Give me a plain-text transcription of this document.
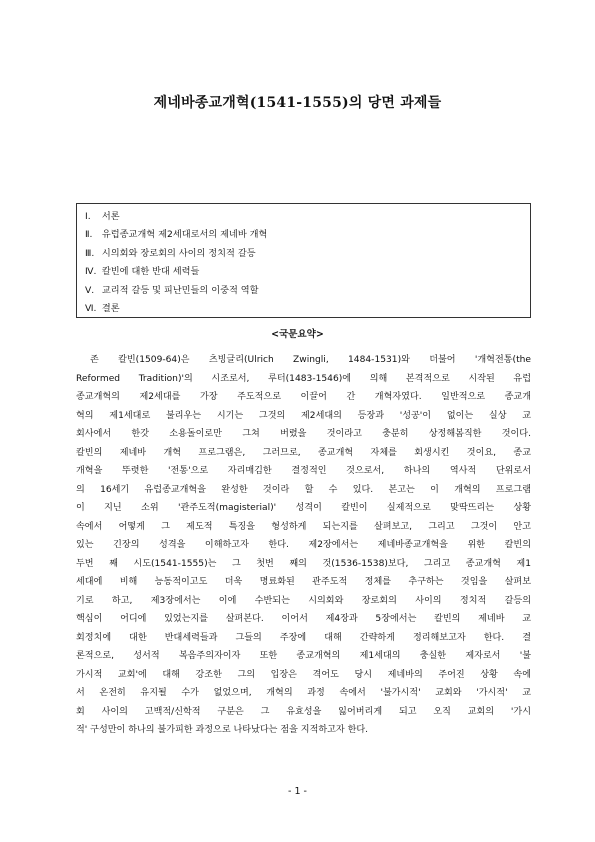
제네바종교개혁(1541-1555)의 당면 과제들
Ⅰ. 서론
Ⅱ. 유럽종교개혁 제2세대로서의 제네바 개혁
Ⅲ. 시의회와 장로회의 사이의 정치적 갈등
Ⅳ. 칼빈에 대한 반대 세력들
Ⅴ. 교리적 갈등 및 피난민들의 이중적 역할
Ⅵ. 결론
<국문요약>
존 칼빈(1509-64)은 츠빙글리(Ulrich Zwingli, 1484-1531)와 더불어 '개혁전통(the
Reformed Tradition)'의 시조로서, 루터(1483-1546)에 의해 본격적으로 시작된 유럽
종교개혁의 제2세대를 가장 주도적으로 이끌어 간 개혁자였다. 일반적으로 종교개
혁의 제1세대로 불리우는 시기는 그것의 제2세대의 등장과 '성공'이 없이는 실상 교
회사에서 한갓 소용돌이로만 그쳐 버렸을 것이라고 충분히 상정해봄직한 것이다.
칼빈의 제네바 개혁 프로그램은, 그러므로, 종교개혁 자체를 회생시킨 것이요, 종교
개혁을 뚜렷한 '전통'으로 자리매김한 결정적인 것으로서, 하나의 역사적 단위로서
의 16세기 유럽종교개혁을 완성한 것이라 할 수 있다. 본고는 이 개혁의 프로그램
이 지닌 소위 '관주도적(magisterial)' 성격이 칼빈이 실제적으로 맞딱뜨리는 상황
속에서 어떻게 그 제도적 특징을 형성하게 되는지를 살펴보고, 그리고 그것이 안고
있는 긴장의 성격을 이해하고자 한다. 제2장에서는 제네바종교개혁을 위한 칼빈의
두번 째 시도(1541-1555)는 그 첫번 째의 것(1536-1538)보다, 그리고 종교개혁 제1
세대에 비해 능동적이고도 더욱 명료화된 관주도적 정체를 추구하는 것임을 살펴보
기로 하고, 제3장에서는 이에 수반되는 시의회와 장로회의 사이의 정치적 갈등의
핵심이 어디에 있었는지를 살펴본다. 이어서 제4장과 5장에서는 칼빈의 제네바 교
회정치에 대한 반대세력들과 그들의 주장에 대해 간략하게 정리해보고자 한다. 결
론적으로, 성서적 복음주의자이자 또한 종교개혁의 제1세대의 충실한 제자로서 '불
가시적 교회'에 대해 강조한 그의 입장은 격어도 당시 제네바의 주어진 상황 속에
서 온전히 유지될 수가 없었으며, 개혁의 과정 속에서 '불가시적' 교회와 '가시적' 교
회 사이의 고백적/신학적 구분은 그 유효성을 잃어버리게 되고 오직 교회의 '가시
적' 구성만이 하나의 불가피한 과정으로 나타났다는 점을 지적하고자 한다.
- 1 -
